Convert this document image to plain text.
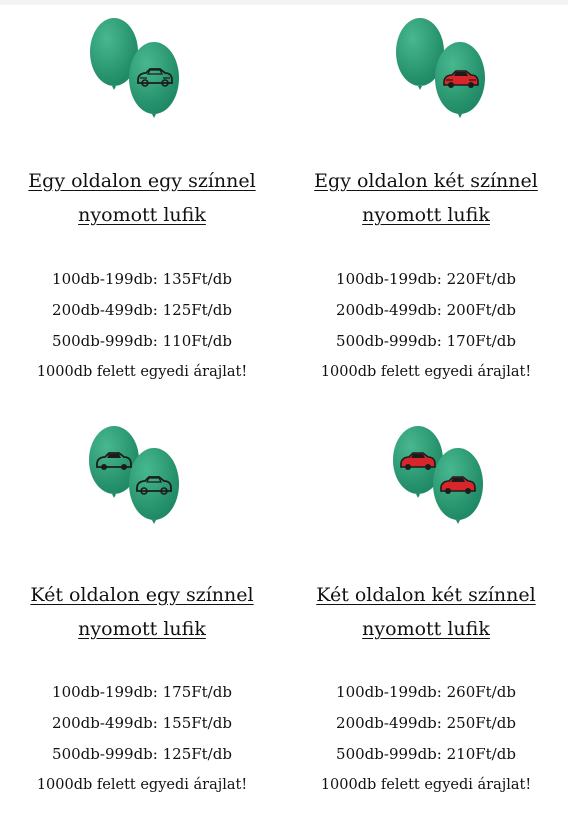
Egy oldalon egy színnel
nyomott lufik
100db-199db: 135Ft/db
200db-499db: 125Ft/db
500db-999db: 110Ft/db
1000db felett egyedi árajlat!
Egy oldalon két színnel
nyomott lufik
100db-199db: 220Ft/db
200db-499db: 200Ft/db
500db-999db: 170Ft/db
1000db felett egyedi árajlat!
Két oldalon egy színnel
nyomott lufik
100db-199db: 175Ft/db
200db-499db: 155Ft/db
500db-999db: 125Ft/db
1000db felett egyedi árajlat!
Két oldalon két színnel
nyomott lufik
100db-199db: 260Ft/db
200db-499db: 250Ft/db
500db-999db: 210Ft/db
1000db felett egyedi árajlat!
